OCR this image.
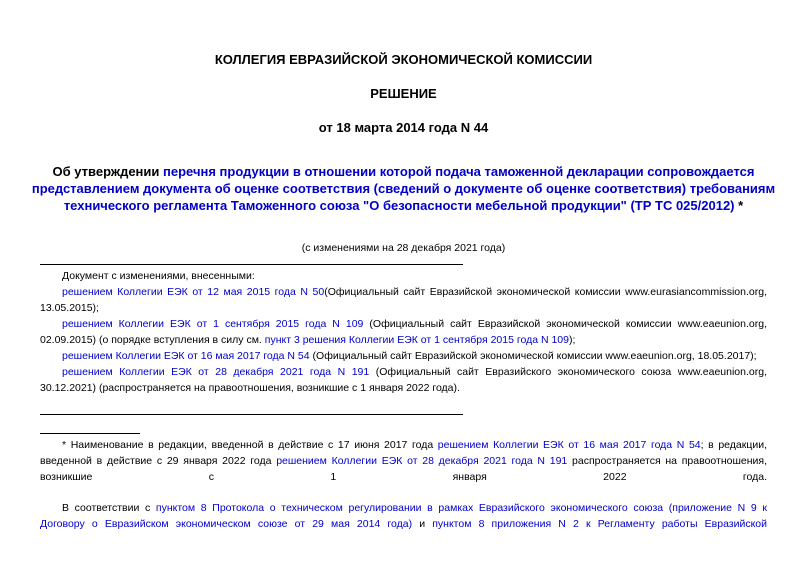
КОЛЛЕГИЯ ЕВРАЗИЙСКОЙ ЭКОНОМИЧЕСКОЙ КОМИССИИ
РЕШЕНИЕ
от 18 марта 2014 года N 44
Об утверждении перечня продукции в отношении которой подача таможенной декларации сопровождается представлением документа об оценке соответствия (сведений о документе об оценке соответствия) требованиям технического регламента Таможенного союза "О безопасности мебельной продукции" (ТР ТС 025/2012) *
(с изменениями на 28 декабря 2021 года)

Документ с изменениями, внесенными:

решением Коллегии ЕЭК от 12 мая 2015 года N 50(Официальный сайт Евразийской экономической комиссии www.eurasiancommission.org, 13.05.2015);

решением Коллегии ЕЭК от 1 сентября 2015 года N 109 (Официальный сайт Евразийской экономической комиссии www.eaeunion.org, 02.09.2015) (о порядке вступления в силу см. пункт 3 решения Коллегии ЕЭК от 1 сентября 2015 года N 109);

решением Коллегии ЕЭК от 16 мая 2017 года N 54 (Официальный сайт Евразийской экономической комиссии www.eaeunion.org, 18.05.2017);

решением Коллегии ЕЭК от 28 декабря 2021 года N 191 (Официальный сайт Евразийского экономического союза www.eaeunion.org, 30.12.2021) (распространяется на правоотношения, возникшие с 1 января 2022 года).

* Наименование в редакции, введенной в действие с 17 июня 2017 года решением Коллегии ЕЭК от 16 мая 2017 года N 54; в редакции, введенной в действие с 29 января 2022 года решением Коллегии ЕЭК от 28 декабря 2021 года N 191 распространяется на правоотношения, возникшие с 1 января 2022 года.
В соответствии с пунктом 8 Протокола о техническом регулировании в рамках Евразийского экономического союза (приложение N 9 к Договору о Евразийском экономическом союзе от 29 мая 2014 года) и пунктом 8 приложения N 2 к Регламенту работы Евразийской
